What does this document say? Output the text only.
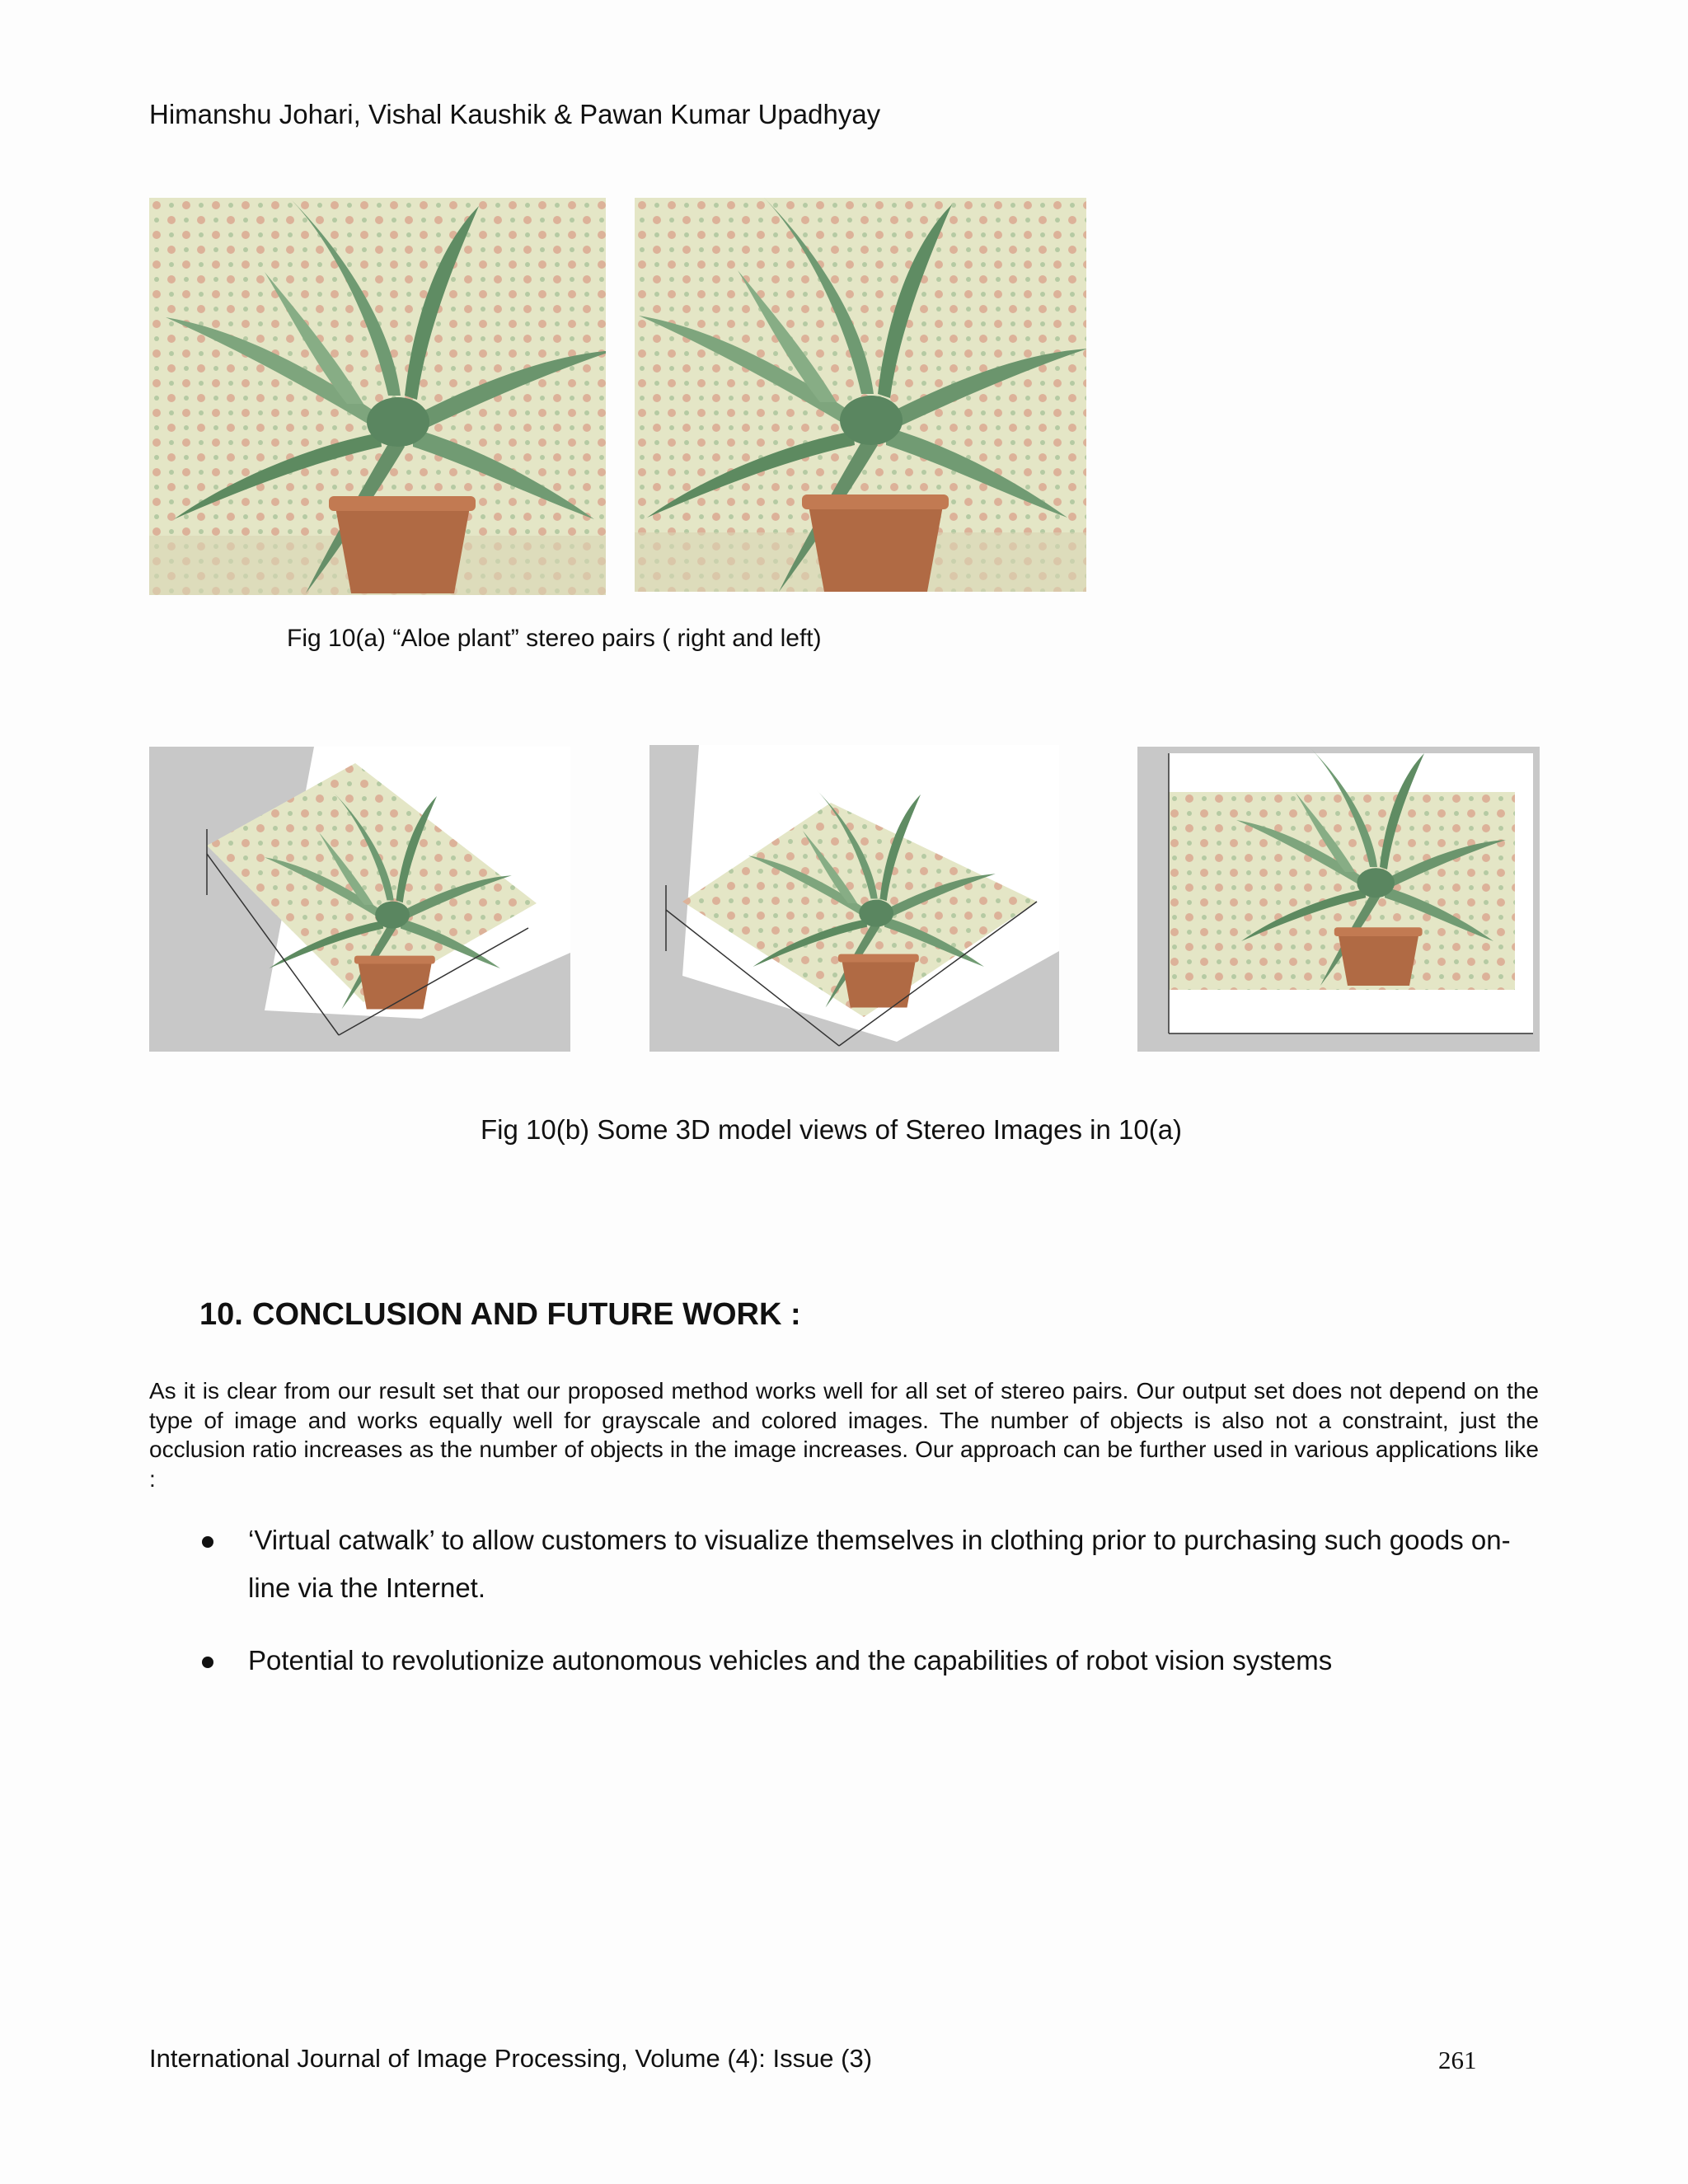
Himanshu Johari, Vishal Kaushik & Pawan Kumar Upadhyay
Fig 10(a) “Aloe plant” stereo pairs ( right and left)
Fig 10(b) Some 3D model views of Stereo Images in 10(a)
10. CONCLUSION AND FUTURE WORK :

As it is clear from our result set that our proposed method works well for all set of stereo pairs. Our output set does not depend on the type of image and works equally well for grayscale and colored images. The number of objects is also not a constraint, just the occlusion ratio increases as the number of objects in the image increases. Our approach can be further used in various applications like :

‘Virtual catwalk’ to allow customers to visualize themselves in clothing prior to purchasing such goods on-line via the Internet.
Potential to revolutionize autonomous vehicles and the capabilities of robot vision systems
International Journal of Image Processing, Volume (4): Issue (3)	261
